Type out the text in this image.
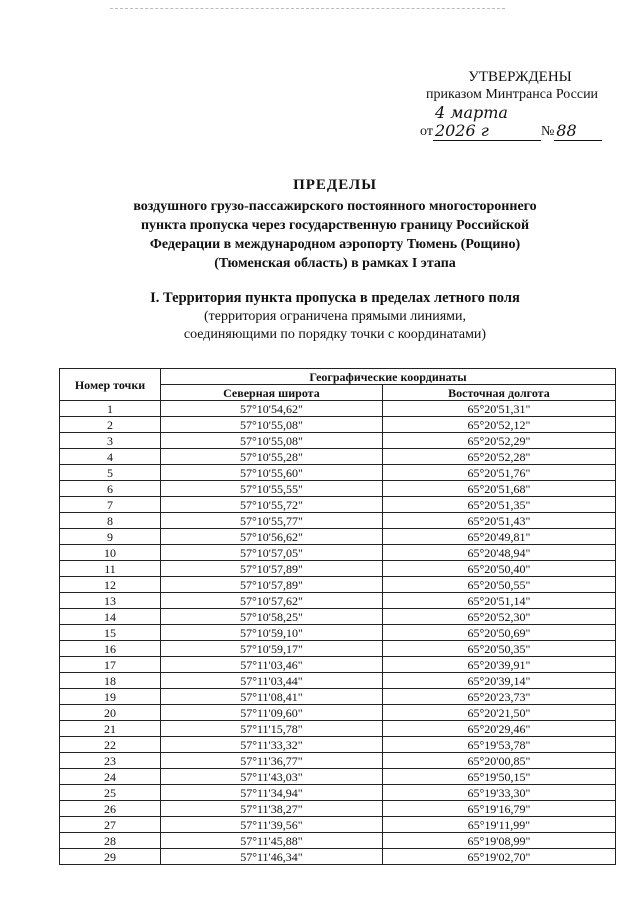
УТВЕРЖДЕНЫ
приказом Минтранса России
от
4 марта 2026 г	№ 88
ПРЕДЕЛЫ
воздушного грузо-пассажирского постоянного многостороннего
пункта пропуска через государственную границу Российской
Федерации в международном аэропорту Тюмень (Рощино)
(Тюменская область) в рамках I этапа
I. Территория пункта пропуска в пределах летного поля
(территория ограничена прямыми линиями,
соединяющими по порядку точки с координатами)
Номер точки	Географические координаты	
	Северная широта	Восточная долгота
1	57°10'54,62"	65°20'51,31"
2	57°10'55,08"	65°20'52,12"
3	57°10'55,08"	65°20'52,29"
4	57°10'55,28"	65°20'52,28"
5	57°10'55,60"	65°20'51,76"
6	57°10'55,55"	65°20'51,68"
7	57°10'55,72"	65°20'51,35"
8	57°10'55,77"	65°20'51,43"
9	57°10'56,62"	65°20'49,81"
10	57°10'57,05"	65°20'48,94"
11	57°10'57,89"	65°20'50,40"
12	57°10'57,89"	65°20'50,55"
13	57°10'57,62"	65°20'51,14"
14	57°10'58,25"	65°20'52,30"
15	57°10'59,10"	65°20'50,69"
16	57°10'59,17"	65°20'50,35"
17	57°11'03,46"	65°20'39,91"
18	57°11'03,44"	65°20'39,14"
19	57°11'08,41"	65°20'23,73"
20	57°11'09,60"	65°20'21,50"
21	57°11'15,78"	65°20'29,46"
22	57°11'33,32"	65°19'53,78"
23	57°11'36,77"	65°20'00,85"
24	57°11'43,03"	65°19'50,15"
25	57°11'34,94"	65°19'33,30"
26	57°11'38,27"	65°19'16,79"
27	57°11'39,56"	65°19'11,99"
28	57°11'45,88"	65°19'08,99"
29	57°11'46,34"	65°19'02,70"
